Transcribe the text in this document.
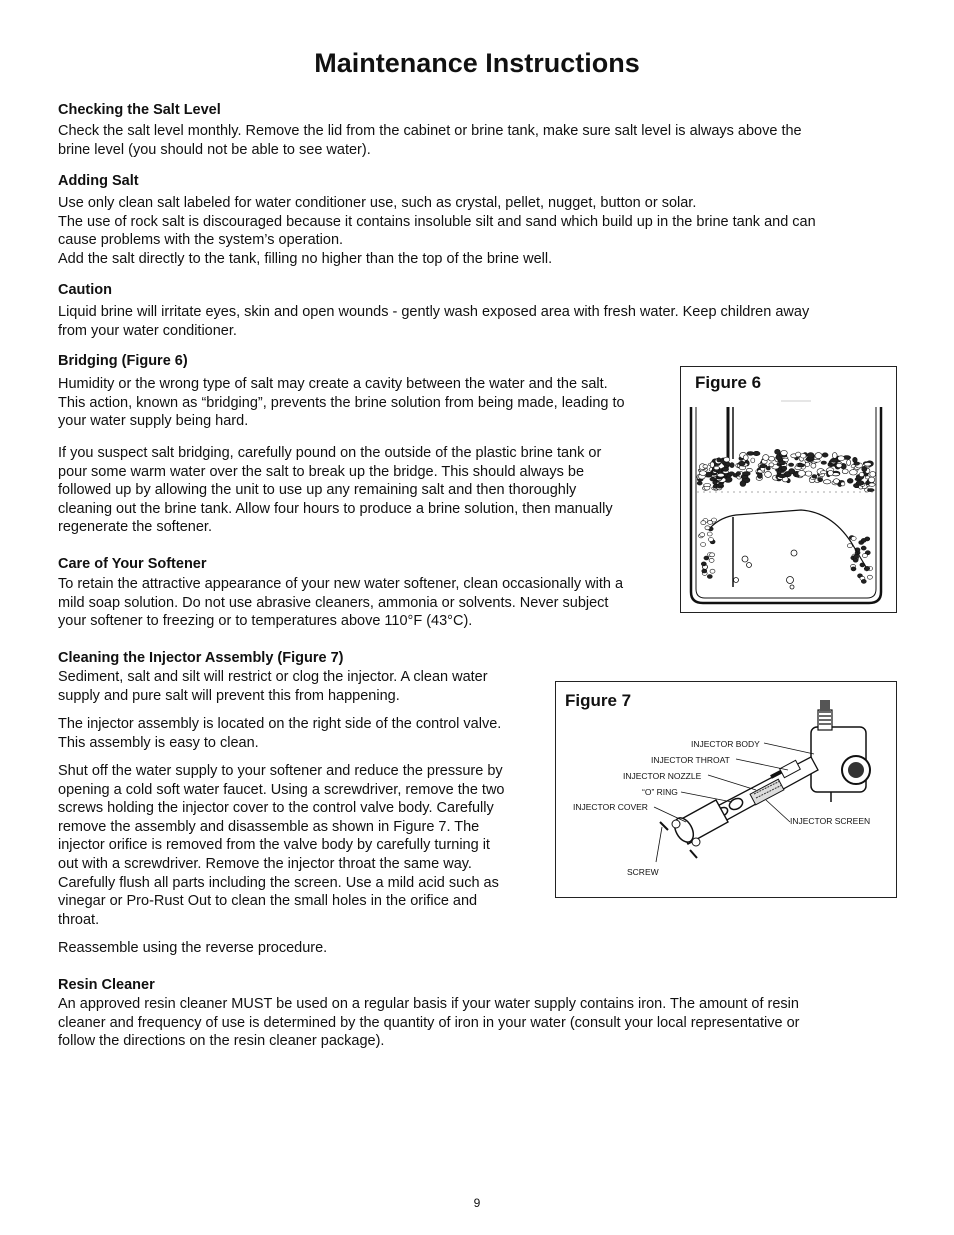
Maintenance Instructions
Checking the Salt Level
Check the salt level monthly. Remove the lid from the cabinet or brine tank, make sure salt level is always above the
brine level (you should not be able to see water).
Adding Salt
Use only clean salt labeled for water conditioner use, such as crystal, pellet, nugget, button or solar.
The use of rock salt is discouraged because it contains insoluble silt and sand which build up in the brine tank and can
cause problems with the system’s operation.
Add the salt directly to the tank, filling no higher than the top of the brine well.
Caution
Liquid brine will irritate eyes, skin and open wounds - gently wash exposed area with fresh water. Keep children away
from your water conditioner.
Bridging (Figure 6)
Humidity or the wrong type of salt may create a cavity between the water and the salt.
This action, known as “bridging”, prevents the brine solution from being made, leading to
your water supply being hard.
If you suspect salt bridging, carefully pound on the outside of the plastic brine tank or
pour some warm water over the salt to break up the bridge. This should always be
followed up by allowing the unit to use up any remaining salt and then thoroughly
cleaning out the brine tank. Allow four hours to produce a brine solution, then manually
regenerate the softener.
Care of Your Softener
To retain the attractive appearance of your new water softener, clean occasionally with a
mild soap solution. Do not use abrasive cleaners, ammonia or solvents. Never subject
your softener to freezing or to temperatures above 110°F (43°C).
Cleaning the Injector Assembly (Figure 7)
Sediment, salt and silt will restrict or clog the injector. A clean water
supply and pure salt will prevent this from happening.
The injector assembly is located on the right side of the control valve.
This assembly is easy to clean.
Shut off the water supply to your softener and reduce the pressure by
opening a cold soft water faucet. Using a screwdriver, remove the two
screws holding the injector cover to the control valve body. Carefully
remove the assembly and disassemble as shown in Figure 7. The
injector orifice is removed from the valve body by carefully turning it
out with a screwdriver. Remove the injector throat the same way.
Carefully flush all parts including the screen. Use a mild acid such as
vinegar or Pro-Rust Out to clean the small holes in the orifice and
throat.
Reassemble using the reverse procedure.
Resin Cleaner
An approved resin cleaner MUST be used on a regular basis if your water supply contains iron. The amount of resin
cleaner and frequency of use is determined by the quantity of iron in your water (consult your local representative or
follow the directions on the resin cleaner package).
Figure 6
Figure 7
INJECTOR BODY
INJECTOR THROAT
INJECTOR NOZZLE
“O” RING
INJECTOR COVER
INJECTOR SCREEN
SCREW
9
